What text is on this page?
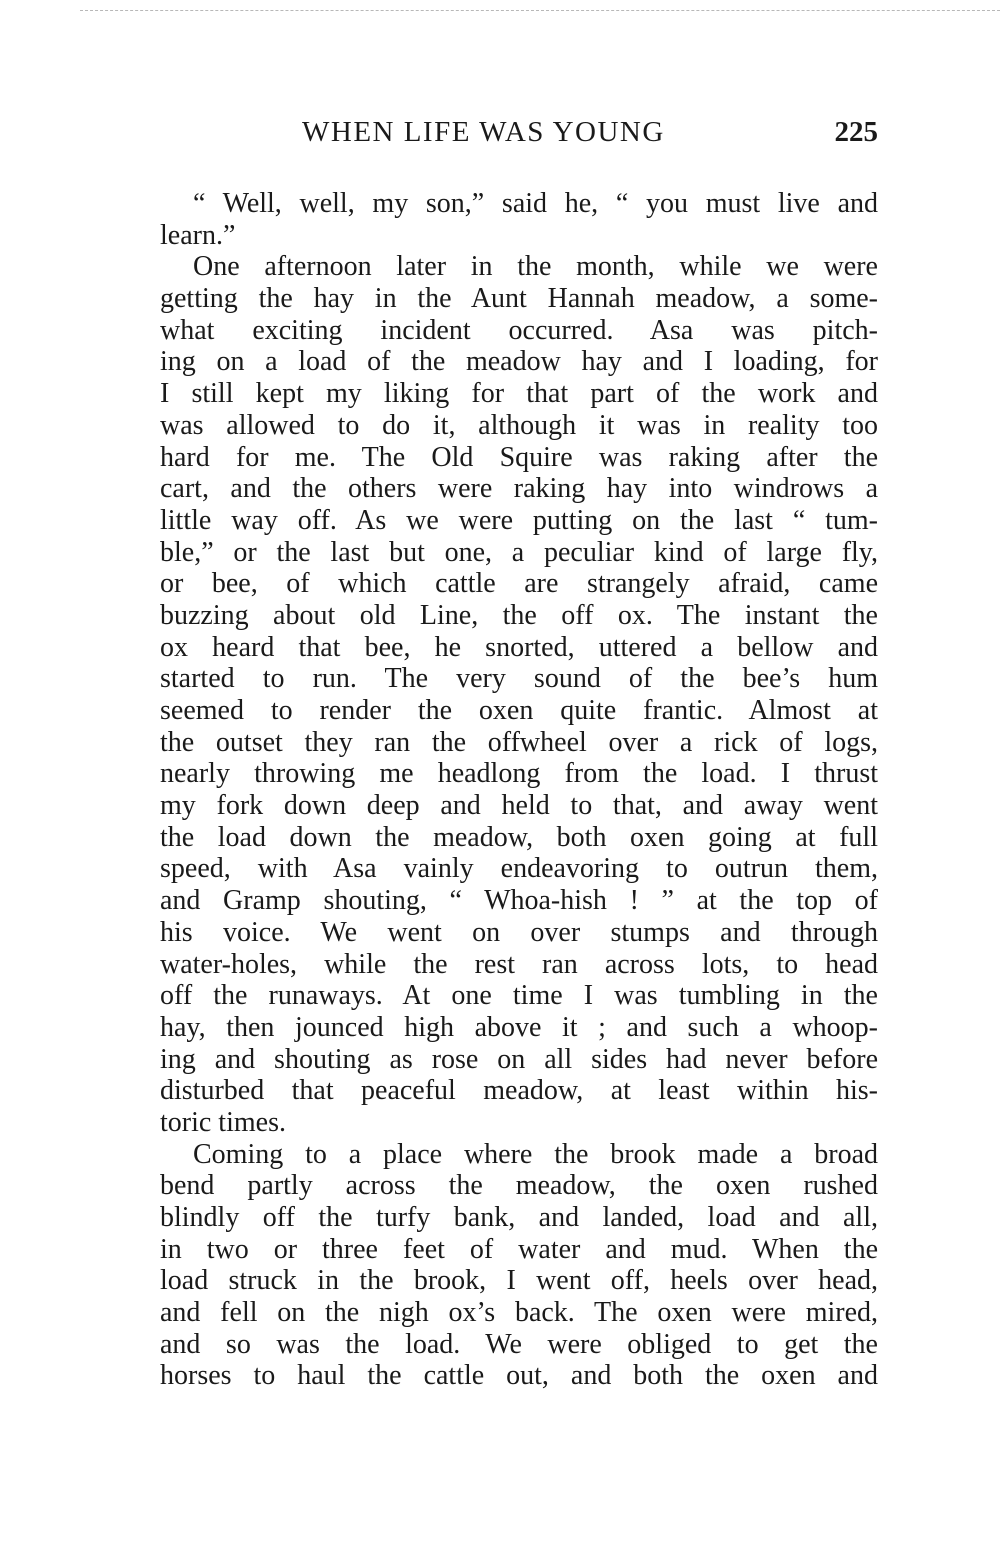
WHEN LIFE WAS YOUNG	225
“ Well, well, my son,” said he, “ you must live and
learn.”
One afternoon later in the month, while we were
getting the hay in the Aunt Hannah meadow, a some-
what exciting incident occurred. Asa was pitch-
ing on a load of the meadow hay and I loading, for
I still kept my liking for that part of the work and
was allowed to do it, although it was in reality too
hard for me. The Old Squire was raking after the
cart, and the others were raking hay into windrows a
little way off. As we were putting on the last “ tum-
ble,” or the last but one, a peculiar kind of large fly,
or bee, of which cattle are strangely afraid, came
buzzing about old Line, the off ox. The instant the
ox heard that bee, he snorted, uttered a bellow and
started to run. The very sound of the bee’s hum
seemed to render the oxen quite frantic. Almost at
the outset they ran the offwheel over a rick of logs,
nearly throwing me headlong from the load. I thrust
my fork down deep and held to that, and away went
the load down the meadow, both oxen going at full
speed, with Asa vainly endeavoring to outrun them,
and Gramp shouting, “ Whoa-hish ! ” at the top of
his voice. We went on over stumps and through
water-holes, while the rest ran across lots, to head
off the runaways. At one time I was tumbling in the
hay, then jounced high above it ; and such a whoop-
ing and shouting as rose on all sides had never before
disturbed that peaceful meadow, at least within his-
toric times.
Coming to a place where the brook made a broad
bend partly across the meadow, the oxen rushed
blindly off the turfy bank, and landed, load and all,
in two or three feet of water and mud. When the
load struck in the brook, I went off, heels over head,
and fell on the nigh ox’s back. The oxen were mired,
and so was the load. We were obliged to get the
horses to haul the cattle out, and both the oxen and
